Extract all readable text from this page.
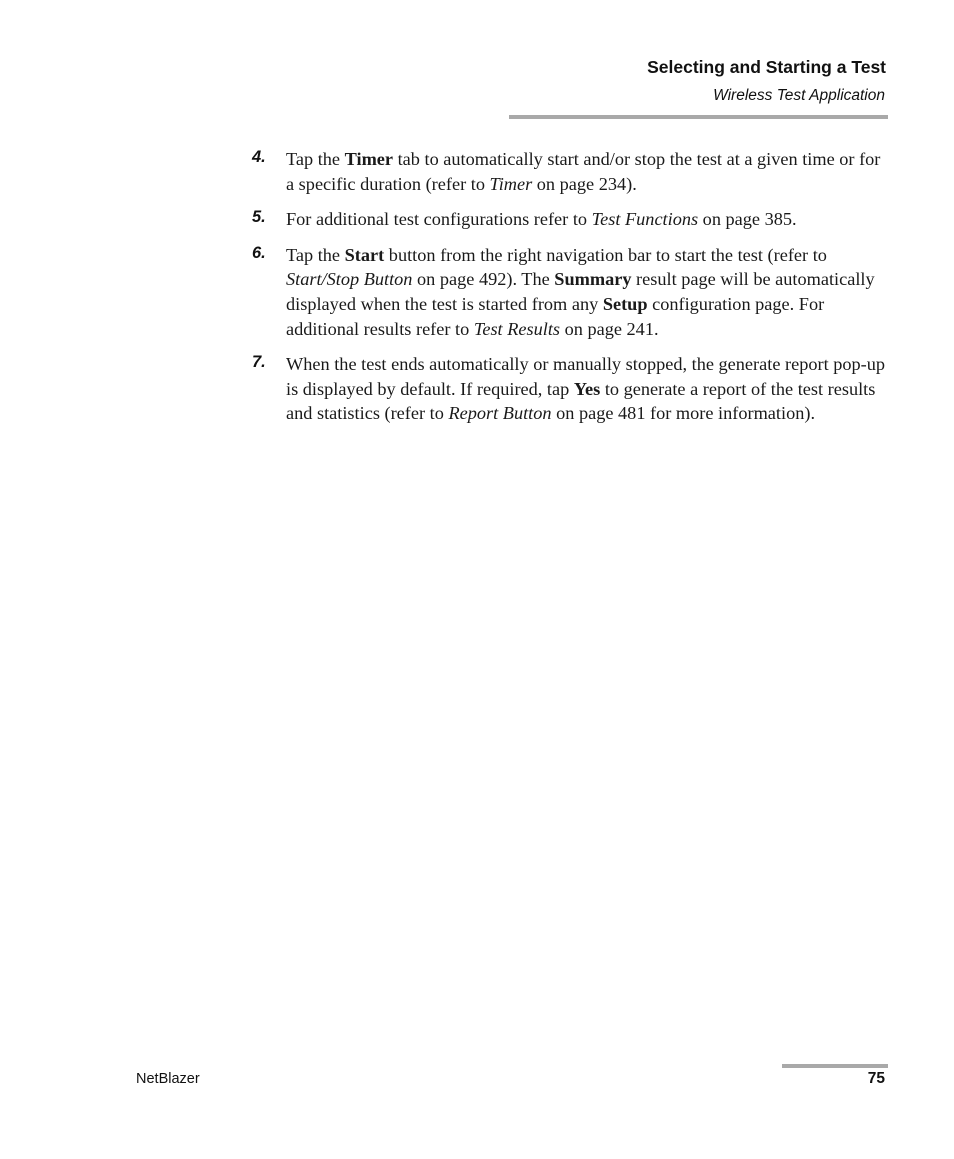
Selecting and Starting a Test
Wireless Test Application
4. Tap the Timer tab to automatically start and/or stop the test at a given time or for a specific duration (refer to Timer on page 234).
5. For additional test configurations refer to Test Functions on page 385.
6. Tap the Start button from the right navigation bar to start the test (refer to Start/Stop Button on page 492). The Summary result page will be automatically displayed when the test is started from any Setup configuration page. For additional results refer to Test Results on page 241.
7. When the test ends automatically or manually stopped, the generate report pop-up is displayed by default. If required, tap Yes to generate a report of the test results and statistics (refer to Report Button on page 481 for more information).
NetBlazer	75
